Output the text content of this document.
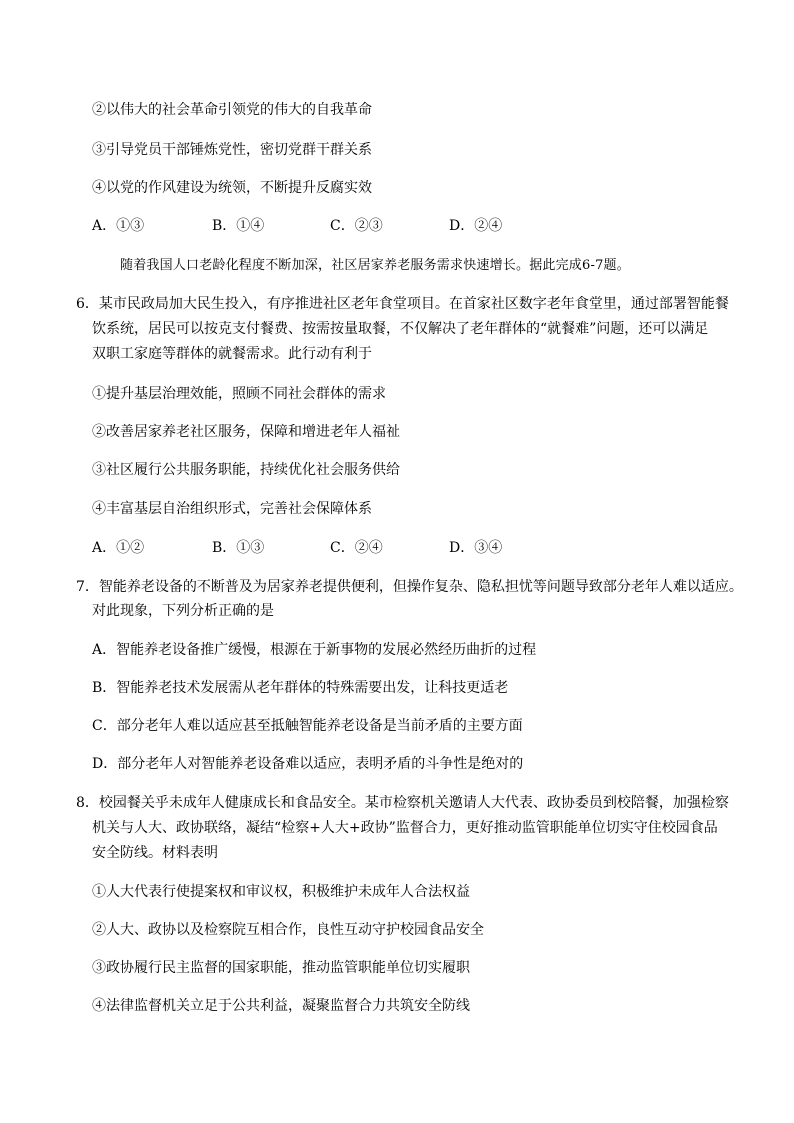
②以伟大的社会革命引领党的伟大的自我革命
③引导党员干部锤炼党性，密切党群干群关系
④以党的作风建设为统领，不断提升反腐实效
A．①③	B．①④	C．②③	D．②④
随着我国人口老龄化程度不断加深，社区居家养老服务需求快速增长。据此完成6-7题。
6．某市民政局加大民生投入，有序推进社区老年食堂项目。在首家社区数字老年食堂里，通过部署智能餐
饮系统，居民可以按克支付餐费、按需按量取餐，不仅解决了老年群体的“就餐难”问题，还可以满足
双职工家庭等群体的就餐需求。此行动有利于
①提升基层治理效能，照顾不同社会群体的需求
②改善居家养老社区服务，保障和增进老年人福祉
③社区履行公共服务职能，持续优化社会服务供给
④丰富基层自治组织形式，完善社会保障体系
A．①②	B．①③	C．②④	D．③④
7．智能养老设备的不断普及为居家养老提供便利，但操作复杂、隐私担忧等问题导致部分老年人难以适应。
对此现象，下列分析正确的是
A．智能养老设备推广缓慢，根源在于新事物的发展必然经历曲折的过程
B．智能养老技术发展需从老年群体的特殊需要出发，让科技更适老
C．部分老年人难以适应甚至抵触智能养老设备是当前矛盾的主要方面
D．部分老年人对智能养老设备难以适应，表明矛盾的斗争性是绝对的
8．校园餐关乎未成年人健康成长和食品安全。某市检察机关邀请人大代表、政协委员到校陪餐，加强检察
机关与人大、政协联络，凝结“检察+人大+政协”监督合力，更好推动监管职能单位切实守住校园食品
安全防线。材料表明
①人大代表行使提案权和审议权，积极维护未成年人合法权益
②人大、政协以及检察院互相合作，良性互动守护校园食品安全
③政协履行民主监督的国家职能，推动监管职能单位切实履职
④法律监督机关立足于公共利益，凝聚监督合力共筑安全防线
